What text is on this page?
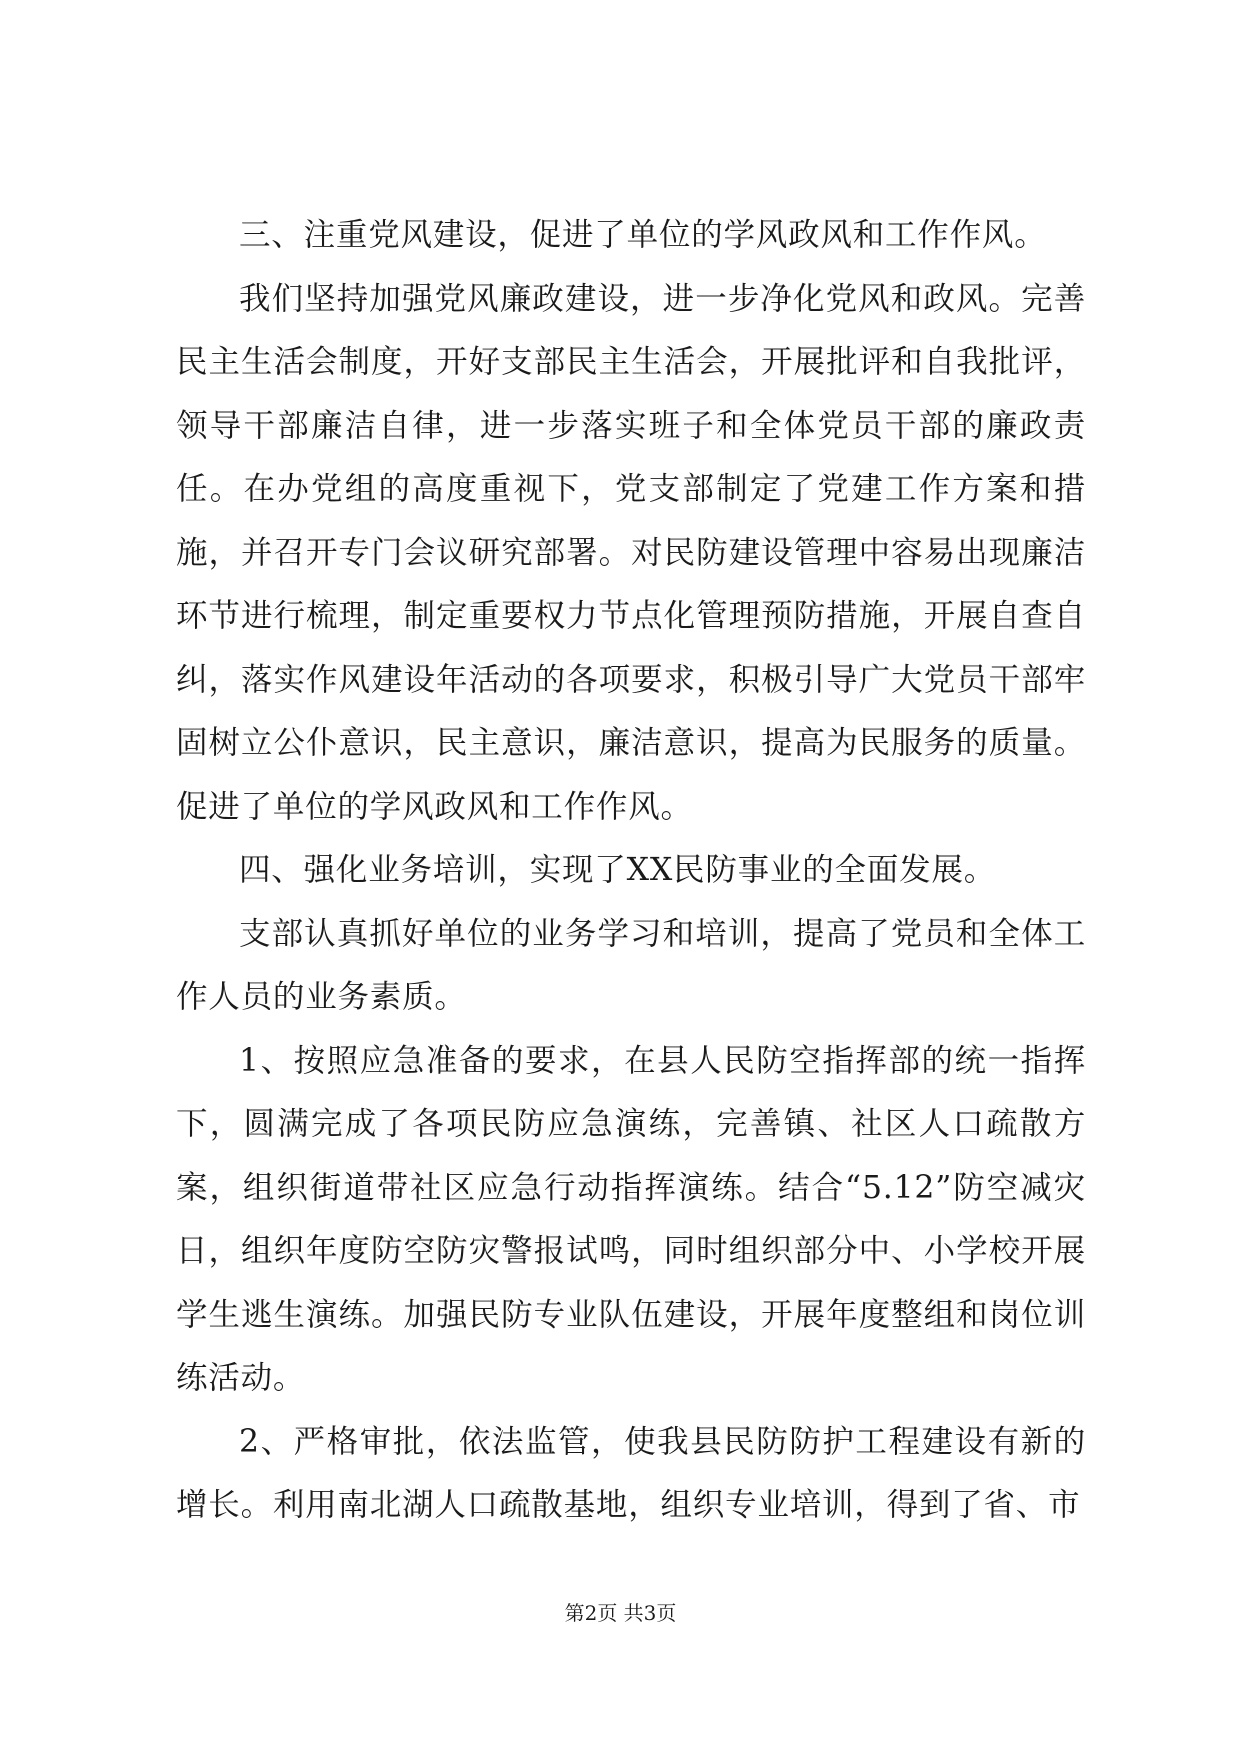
三、注重党风建设，促进了单位的学风政风和工作作风。

我们坚持加强党风廉政建设，进一步净化党风和政风。完善民主生活会制度，开好支部民主生活会，开展批评和自我批评，领导干部廉洁自律，进一步落实班子和全体党员干部的廉政责任。在办党组的高度重视下，党支部制定了党建工作方案和措施，并召开专门会议研究部署。对民防建设管理中容易出现廉洁环节进行梳理，制定重要权力节点化管理预防措施，开展自查自纠，落实作风建设年活动的各项要求，积极引导广大党员干部牢固树立公仆意识，民主意识，廉洁意识，提高为民服务的质量。促进了单位的学风政风和工作作风。

四、强化业务培训，实现了XX民防事业的全面发展。

支部认真抓好单位的业务学习和培训，提高了党员和全体工作人员的业务素质。

1、按照应急准备的要求，在县人民防空指挥部的统一指挥下，圆满完成了各项民防应急演练，完善镇、社区人口疏散方案，组织街道带社区应急行动指挥演练。结合“5.12”防空减灾日，组织年度防空防灾警报试鸣，同时组织部分中、小学校开展学生逃生演练。加强民防专业队伍建设，开展年度整组和岗位训练活动。

2、严格审批，依法监管，使我县民防防护工程建设有新的增长。利用南北湖人口疏散基地，组织专业培训，得到了省、市

第2页 共3页
